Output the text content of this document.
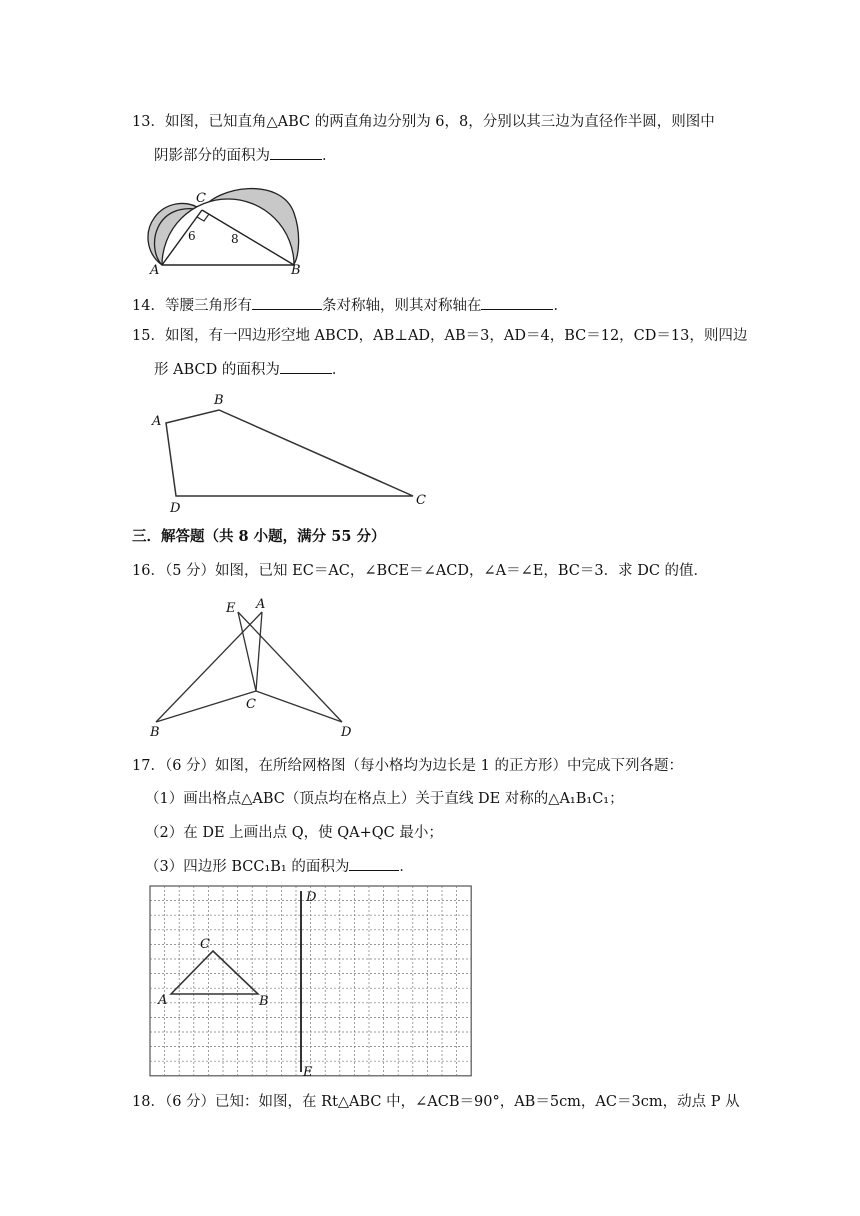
13．如图，已知直角△ABC 的两直角边分别为 6，8，分别以其三边为直径作半圆，则图中
阴影部分的面积为	．
C
A	B
6	8
14．等腰三角形有	条对称轴，则其对称轴在	．
15．如图，有一四边形空地 ABCD，AB⊥AD，AB＝3，AD＝4，BC＝12，CD＝13，则四边
形 ABCD 的面积为	．
A
B
C
D
三．解答题（共 8 小题，满分 55 分）
16．（5 分）如图，已知 EC＝AC，∠BCE＝∠ACD，∠A＝∠E，BC＝3．求 DC 的值．
E A
B
C
D
17．（6 分）如图，在所给网格图（每小格均为边长是 1 的正方形）中完成下列各题：
（1）画出格点△ABC（顶点均在格点上）关于直线 DE 对称的△A₁B₁C₁；
（2）在 DE 上画出点 Q，使 QA+QC 最小；
（3）四边形 BCC₁B₁ 的面积为	．
D
E
C
A	B
18．（6 分）已知：如图，在 Rt△ABC 中，∠ACB＝90°，AB＝5cm，AC＝3cm，动点 P 从
